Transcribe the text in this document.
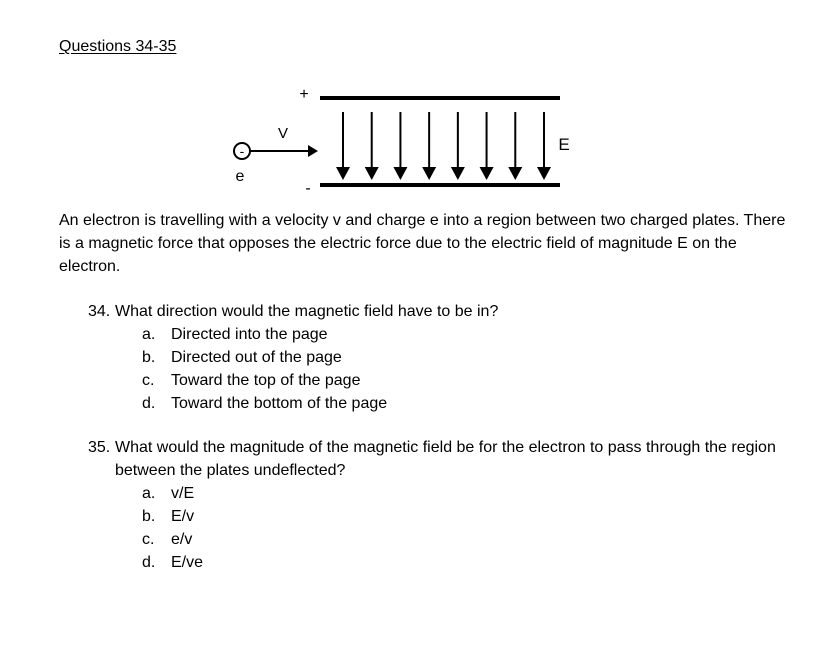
Questions 34-35
+
-
E
-
e
V
An electron is travelling with a velocity v and charge e into a region between two charged plates. There is a magnetic force that opposes the electric force due to the electric field of magnitude E on the electron.
34. What direction would the magnetic field have to be in?
a. Directed into the page
b. Directed out of the page
c. Toward the top of the page
d. Toward the bottom of the page
35. What would the magnitude of the magnetic field be for the electron to pass through the region between the plates undeflected?
a. v/E
b. E/v
c. e/v
d. E/ve
